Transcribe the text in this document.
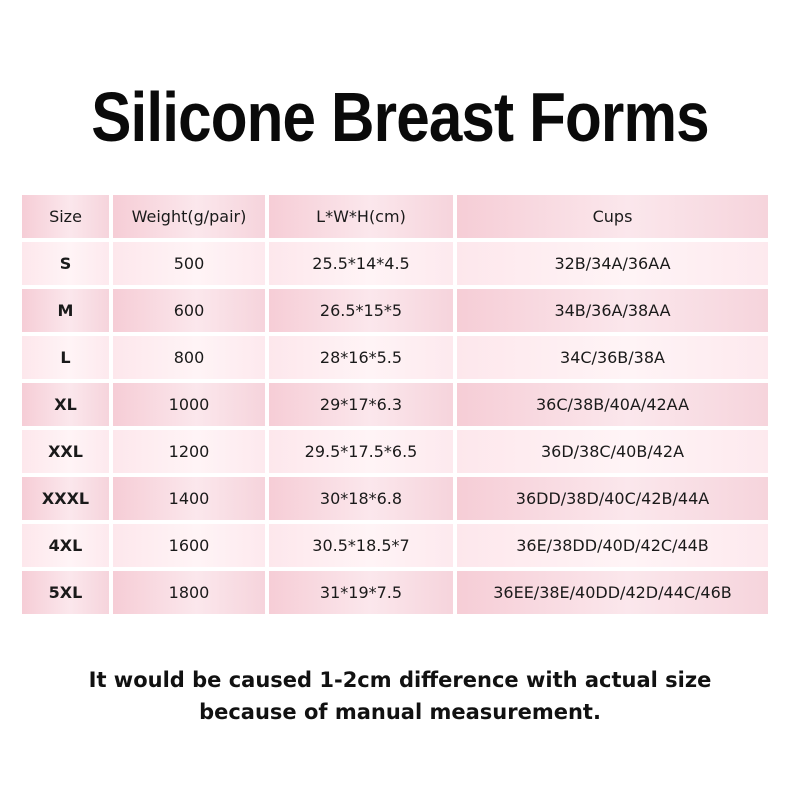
Silicone Breast Forms
Size	Weight(g/pair)	L*W*H(cm)	Cups
S	500	25.5*14*4.5	32B/34A/36AA
M	600	26.5*15*5	34B/36A/38AA
L	800	28*16*5.5	34C/36B/38A
XL	1000	29*17*6.3	36C/38B/40A/42AA
XXL	1200	29.5*17.5*6.5	36D/38C/40B/42A
XXXL	1400	30*18*6.8	36DD/38D/40C/42B/44A
4XL	1600	30.5*18.5*7	36E/38DD/40D/42C/44B
5XL	1800	31*19*7.5	36EE/38E/40DD/42D/44C/46B
It would be caused 1-2cm difference with actual size
because of manual measurement.
